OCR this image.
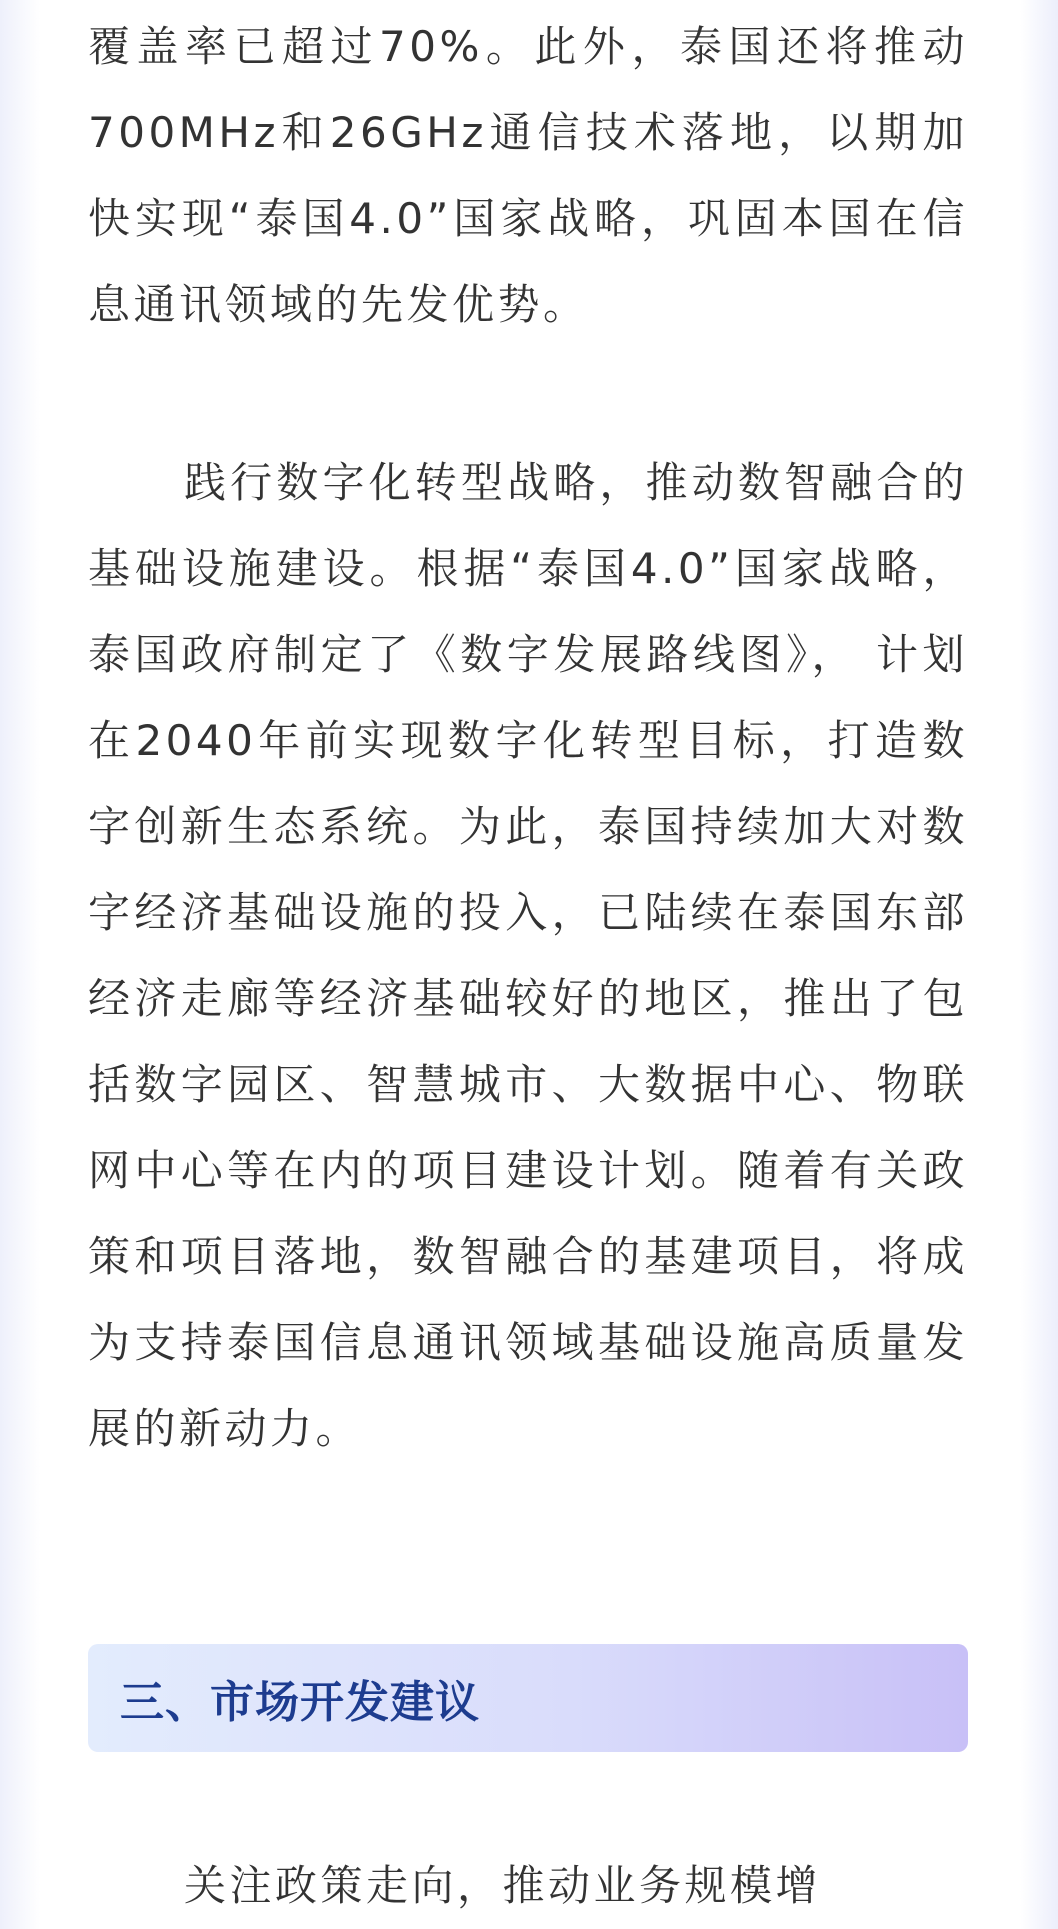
覆盖率已超过70%。此外，泰国还将推动700MHz和26GHz通信技术落地，以期加快实现“泰国4.0”国家战略，巩固本国在信息通讯领域的先发优势。

践行数字化转型战略，推动数智融合的基础设施建设。根据“泰国4.0”国家战略，泰国政府制定了《数字发展路线图》， 计划在2040年前实现数字化转型目标，打造数字创新生态系统。为此，泰国持续加大对数字经济基础设施的投入，已陆续在泰国东部经济走廊等经济基础较好的地区，推出了包括数字园区、智慧城市、大数据中心、物联网中心等在内的项目建设计划。随着有关政策和项目落地，数智融合的基建项目，将成为支持泰国信息通讯领域基础设施高质量发展的新动力。

三、市场开发建议

关注政策走向，推动业务规模增
